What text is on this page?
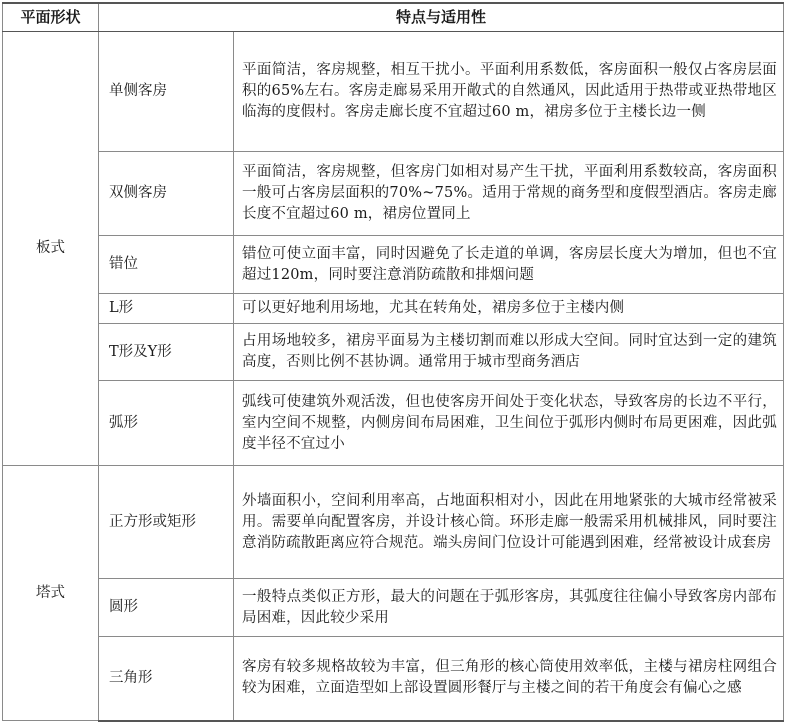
平面形状	特点与适用性	
板式	单侧客房	平面简洁，客房规整，相互干扰小。平面利用系数低，客房面积一般仅占客房层面积的65%左右。客房走廊易采用开敞式的自然通风，因此适用于热带或亚热带地区临海的度假村。客房走廊长度不宜超过60 m，裙房多位于主楼长边一侧
	双侧客房	平面简洁，客房规整，但客房门如相对易产生干扰，平面利用系数较高，客房面积一般可占客房层面积的70%~75%。适用于常规的商务型和度假型酒店。客房走廊长度不宜超过60 m，裙房位置同上
	错位	错位可使立面丰富，同时因避免了长走道的单调，客房层长度大为增加，但也不宜超过120m，同时要注意消防疏散和排烟问题
	L形	可以更好地利用场地，尤其在转角处，裙房多位于主楼内侧
	T形及Y形	占用场地较多，裙房平面易为主楼切割而难以形成大空间。同时宜达到一定的建筑高度，否则比例不甚协调。通常用于城市型商务酒店
	弧形	弧线可使建筑外观活泼，但也使客房开间处于变化状态，导致客房的长边不平行，室内空间不规整，内侧房间布局困难，卫生间位于弧形内侧时布局更困难，因此弧度半径不宜过小
塔式	正方形或矩形	外墙面积小，空间利用率高，占地面积相对小，因此在用地紧张的大城市经常被采用。需要单向配置客房，并设计核心筒。环形走廊一般需采用机械排风，同时要注意消防疏散距离应符合规范。端头房间门位设计可能遇到困难，经常被设计成套房
	圆形	一般特点类似正方形，最大的问题在于弧形客房，其弧度往往偏小导致客房内部布局困难，因此较少采用
	三角形	客房有较多规格故较为丰富，但三角形的核心筒使用效率低，主楼与裙房柱网组合较为困难，立面造型如上部设置圆形餐厅与主楼之间的若干角度会有偏心之感
